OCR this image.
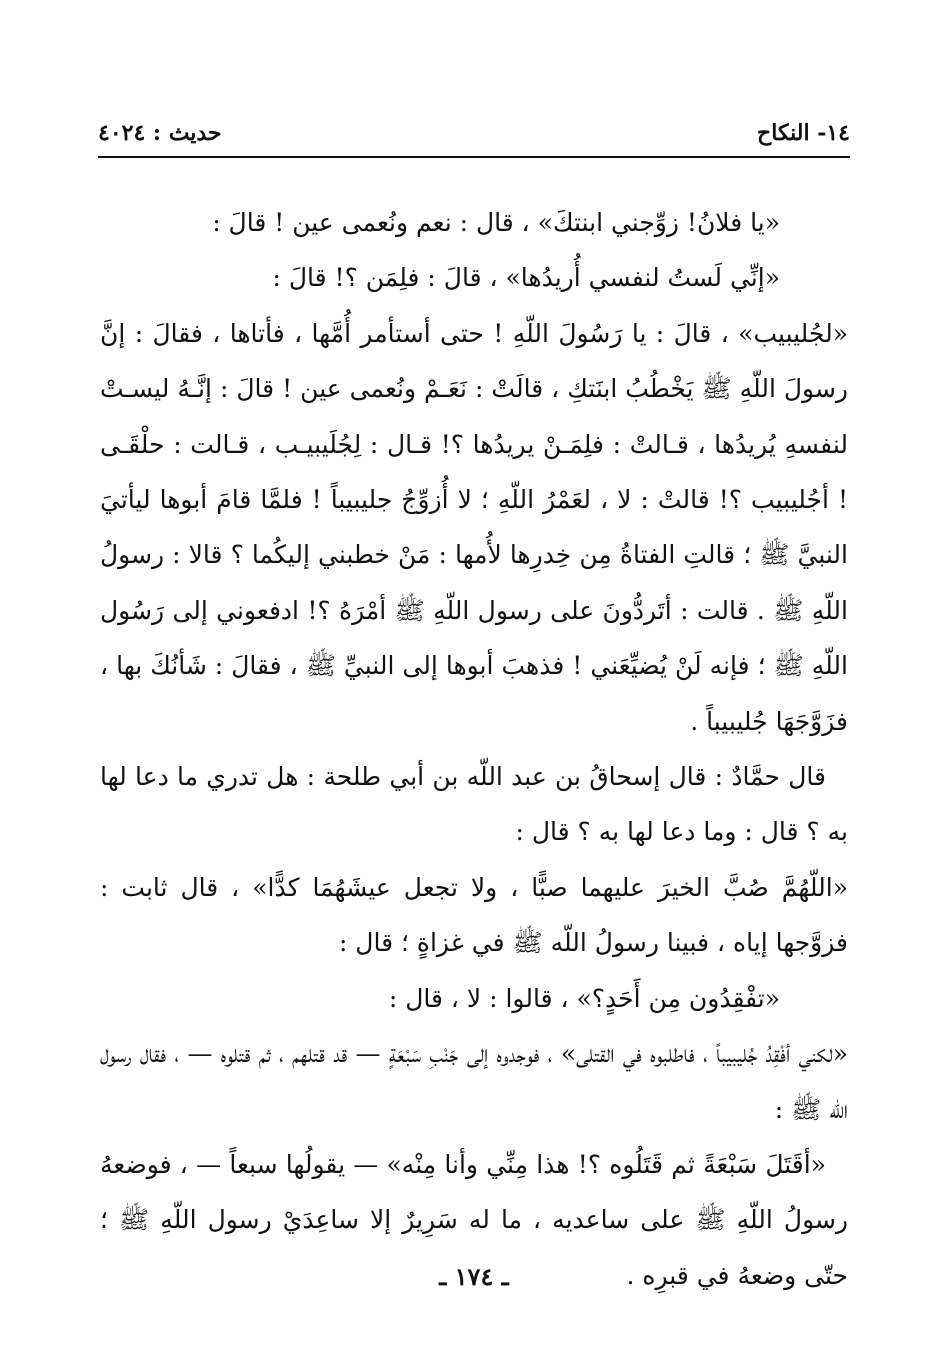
١٤- النكاح
حديث : ٤٠٢٤

«يا فلانُ! زوِّجني ابنتكَ» ، قال : نعم ونُعمى عين ! قالَ :

«إنِّي لَستُ لنفسي أُريدُها» ، قالَ : فلِمَن ؟! قالَ :

«لجُليبيب» ، قالَ : يا رَسُولَ اللّهِ ! حتى أستأمر أُمَّها ، فأتاها ، فقالَ : إنَّ رسولَ اللّهِ ﷺ يَخْطُبُ ابنَتكِ ، قالَتْ : نَعَـمْ ونُعمى عين ! قالَ : إنَّـهُ ليسـتْ لنفسهِ يُريدُها ، قـالتْ : فلِمَـنْ يريدُها ؟! قـال : لِجُلَيبيـب ، قـالت : حلْقَـى ! أجُليبيب ؟! قالتْ : لا ، لعَمْرُ اللّهِ ؛ لا أُزوِّجُ جليبيباً ! فلمَّا قامَ أبوها ليأتيَ النبيَّ ﷺ ؛ قالتِ الفتاةُ مِن خِدرِها لأُمها : مَنْ خطبني إليكُما ؟ قالا : رسولُ اللّهِ ﷺ . قالت : أتَردُّونَ على رسول اللّهِ ﷺ أمْرَهُ ؟! ادفعوني إلى رَسُول اللّهِ ﷺ ؛ فإنه لَنْ يُضيِّعَني ! فذهبَ أبوها إلى النبيِّ ﷺ ، فقالَ : شَأنُكَ بها ، فزَوَّجَهَا جُليبيباً .

قال حمَّادٌ : قال إسحاقُ بن عبد اللّه بن أبي طلحة : هل تدري ما دعا لها به ؟ قال : وما دعا لها به ؟ قال :

«اللّهُمَّ صُبَّ الخيرَ عليهما صبًّا ، ولا تجعل عيشَهُمَا كدًّا» ، قال ثابت : فزوَّجها إياه ، فبينا رسولُ اللّه ﷺ في غزاةٍ ؛ قال :

«تفْقِدُون مِن أَحَدٍ؟» ، قالوا : لا ، قال :

«لكني أفْقِدُ جُليبيباً ، فاطلبوه في القتلى» ، فوجدوه إلى جَنْبِ سَبْعَةٍ — قد قتلهم ، ثم قتلوه — ، فقال رسول اللّه ﷺ :

«أقَتَلَ سَبْعَةً ثم قَتَلُوه ؟! هذا مِنِّي وأنا مِنْه» — يقولُها سبعاً — ، فوضعهُ رسولُ اللّهِ ﷺ على ساعديه ، ما له سَرِيرٌ إلا ساعِدَيْ رسول اللّهِ ﷺ ؛ حتّى وضعهُ في قبرِه .

ـ ١٧٤ ـ
